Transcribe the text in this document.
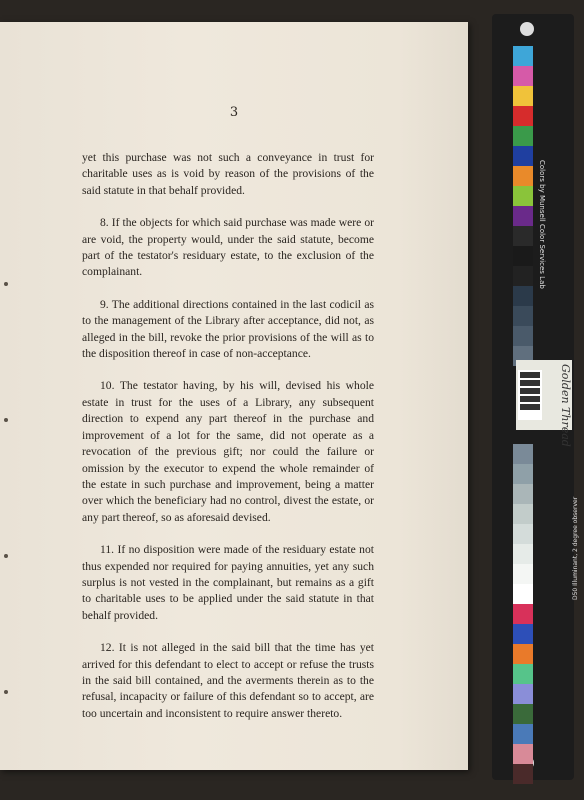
3

yet this purchase was not such a conveyance in trust for charitable uses as is void by reason of the provisions of the said statute in that behalf provided.

8. If the objects for which said purchase was made were or are void, the property would, under the said statute, become part of the testator's residuary estate, to the exclusion of the complainant.

9. The additional directions contained in the last codicil as to the management of the Library after acceptance, did not, as alleged in the bill, revoke the prior provisions of the will as to the disposition thereof in case of non-acceptance.

10. The testator having, by his will, devised his whole estate in trust for the uses of a Library, any subsequent direction to expend any part thereof in the purchase and improvement of a lot for the same, did not operate as a revocation of the previous gift; nor could the failure or omission by the executor to expend the whole remainder of the estate in such purchase and improvement, being a matter over which the beneficiary had no control, divest the estate, or any part thereof, so as aforesaid devised.

11. If no disposition were made of the residuary estate not thus expended nor required for paying annuities, yet any such surplus is not vested in the complainant, but remains as a gift to charitable uses to be applied under the said statute in that behalf provided.

12. It is not alleged in the said bill that the time has yet arrived for this defendant to elect to accept or refuse the trusts in the said bill contained, and the averments therein as to the refusal, incapacity or failure of this defendant so to accept, are too uncertain and inconsistent to require answer thereto.

Golden Thread
Colors by Munsell Color Services Lab
D50 Illuminant, 2 degree observer
